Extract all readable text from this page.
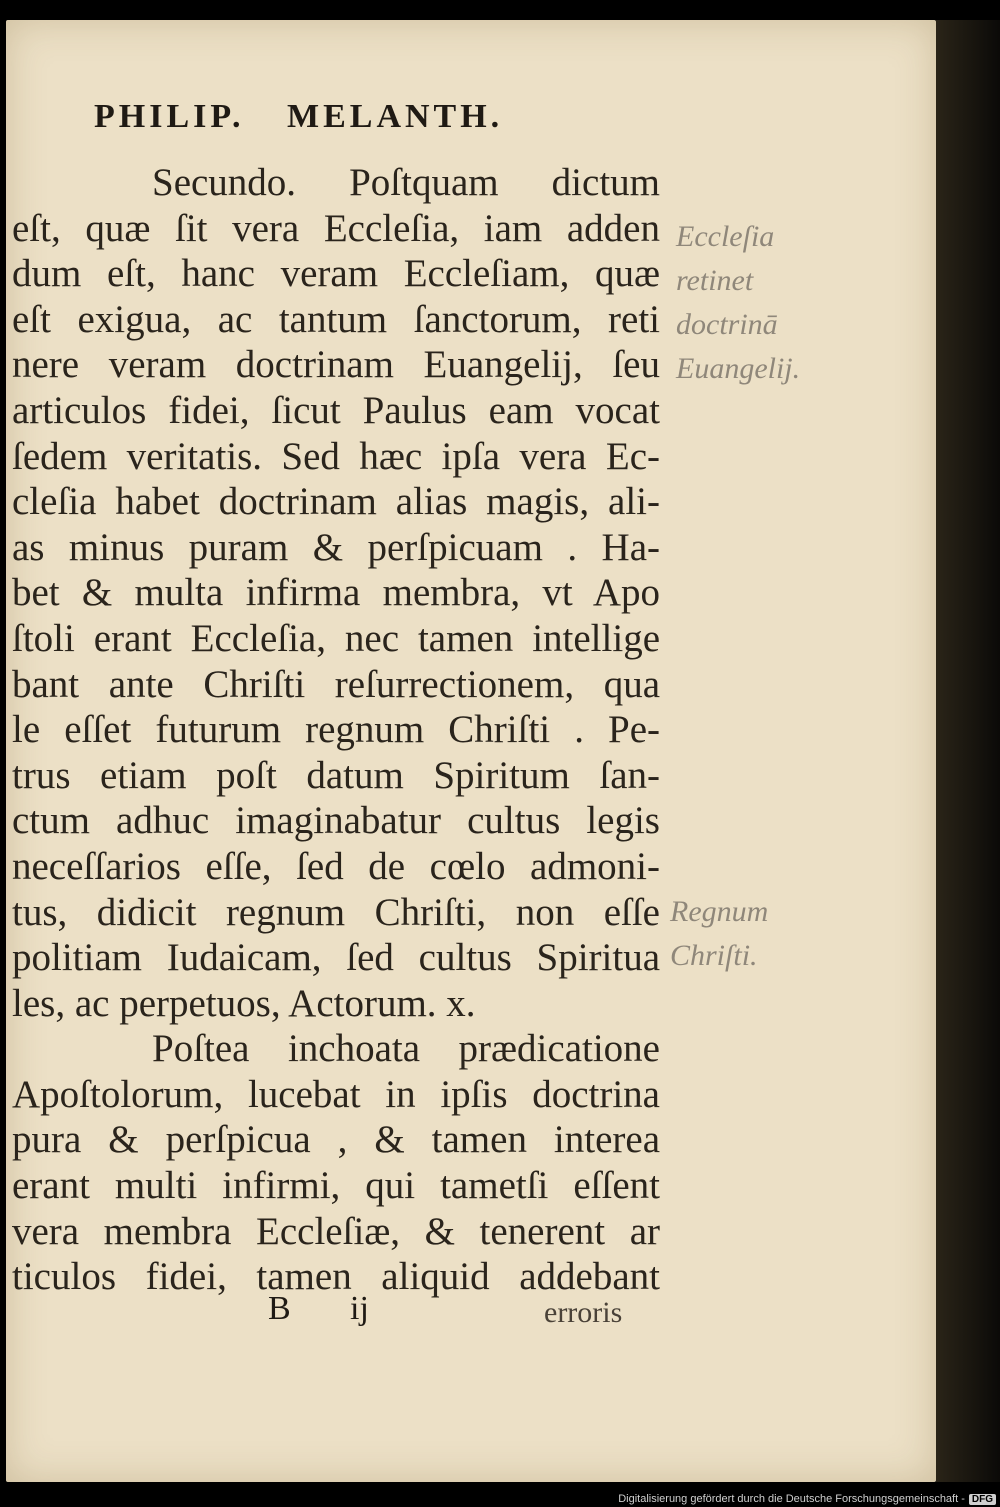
PHILIP. MELANTH.
Secundo. Poſtquam dictum
eſt, quæ ſit vera Eccleſia, iam adden
dum eſt, hanc veram Eccleſiam, quæ
eſt exigua, ac tantum ſanctorum, reti
nere veram doctrinam Euangelij, ſeu
articulos fidei, ſicut Paulus eam vocat
ſedem veritatis. Sed hæc ipſa vera Ec-
cleſia habet doctrinam alias magis, ali-
as minus puram & perſpicuam . Ha-
bet & multa infirma membra, vt Apo
ſtoli erant Eccleſia, nec tamen intellige
bant ante Chriſti reſurrectionem, qua
le eſſet futurum regnum Chriſti . Pe-
trus etiam poſt datum Spiritum ſan-
ctum adhuc imaginabatur cultus legis
neceſſarios eſſe, ſed de cœlo admoni-
tus, didicit regnum Chriſti, non eſſe
politiam Iudaicam, ſed cultus Spiritua
les, ac perpetuos, Actorum. x.
Poſtea inchoata prædicatione
Apoſtolorum, lucebat in ipſis doctrina
pura & perſpicua , & tamen interea
erant multi infirmi, qui tametſi eſſent
vera membra Eccleſiæ, & tenerent ar
ticulos fidei, tamen aliquid addebant
Eccleſia
retinet
doctrinā
Euangelij.
Regnum
Chriſti.
B ij	erroris
Digitalisierung gefördert durch die Deutsche Forschungsgemeinschaft - DFG
